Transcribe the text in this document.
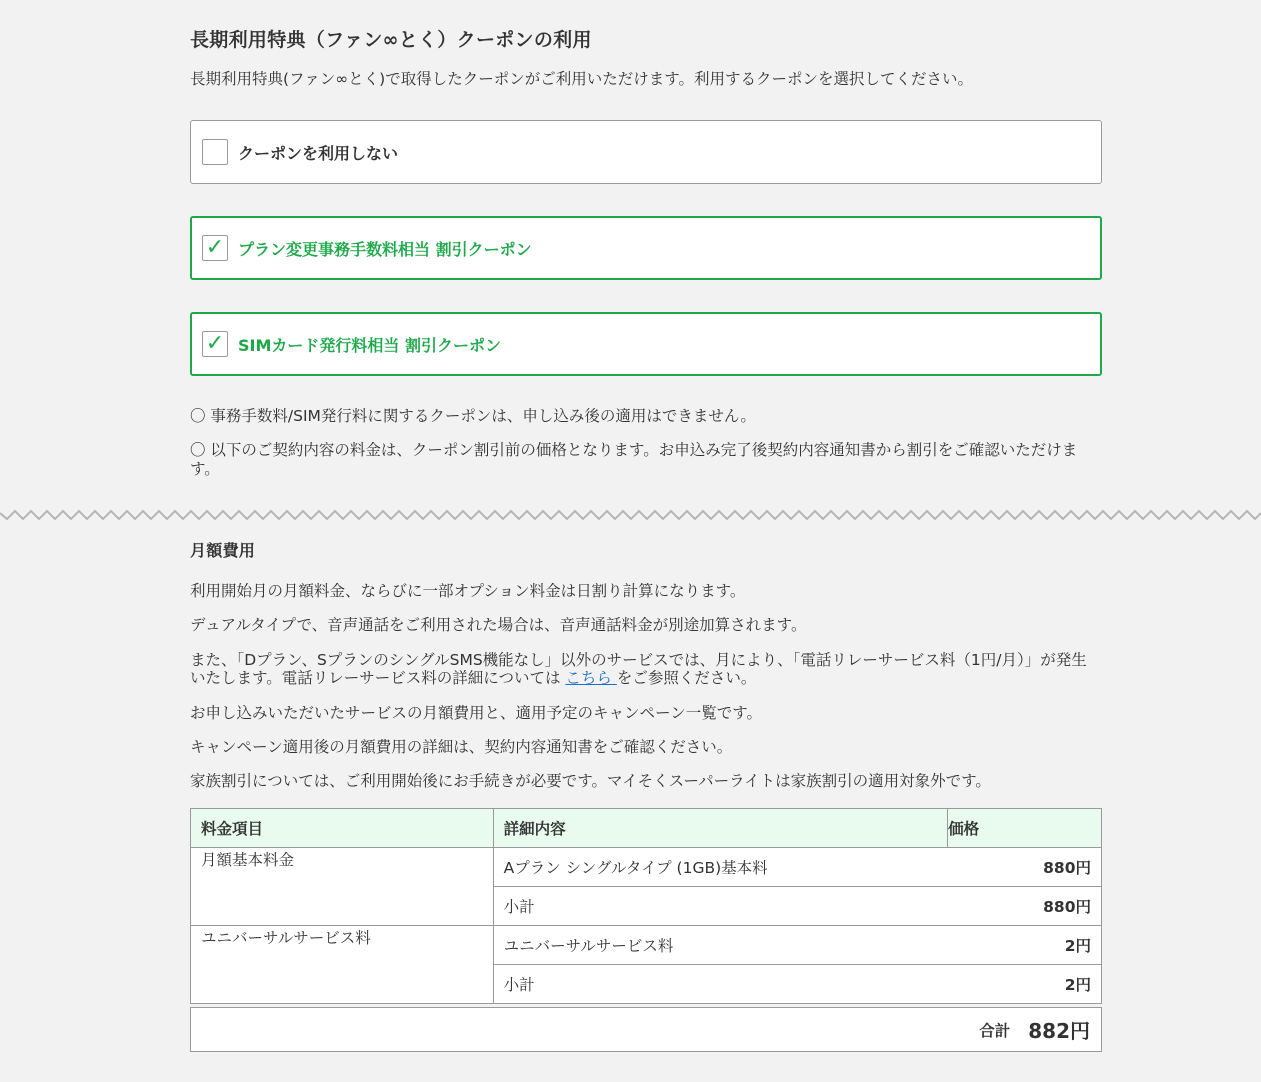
長期利用特典（ファン∞とく）クーポンの利用

長期利用特典(ファン∞とく)で取得したクーポンがご利用いただけます。利用するクーポンを選択してください。

クーポンを利用しない
✓ プラン変更事務手数料相当 割引クーポン
✓ SIMカード発行料相当 割引クーポン
〇 事務手数料/SIM発行料に関するクーポンは、申し込み後の適用はできません。
〇 以下のご契約内容の料金は、クーポン割引前の価格となります。お申込み完了後契約内容通知書から割引をご確認いただけます。
月額費用
利用開始月の月額料金、ならびに一部オプション料金は日割り計算になります。
デュアルタイプで、音声通話をご利用された場合は、音声通話料金が別途加算されます。
また、「Dプラン、SプランのシングルSMS機能なし」以外のサービスでは、月により、「電話リレーサービス料（1円/月）」が発生いたします。電話リレーサービス料の詳細については こちら をご参照ください。
お申し込みいただいたサービスの月額費用と、適用予定のキャンペーン一覧です。
キャンペーン適用後の月額費用の詳細は、契約内容通知書をご確認ください。
家族割引については、ご利用開始後にお手続きが必要です。マイそくスーパーライトは家族割引の適用対象外です。
料金項目	詳細内容	価格
月額基本料金	Aプラン シングルタイプ (1GB)基本料	880円
	小計	880円
ユニバーサルサービス料	ユニバーサルサービス料	2円
	小計	2円
合計 882円
